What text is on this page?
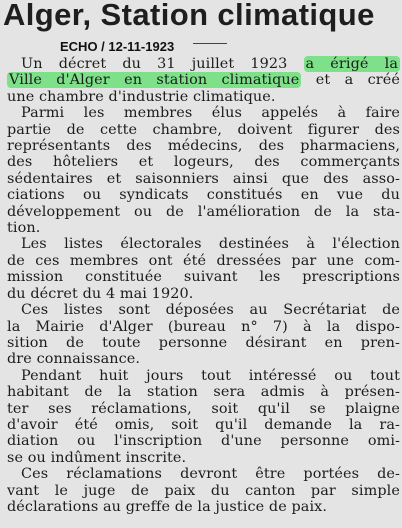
Alger, Station climatique
ECHO / 12-11-1923
Un décret du 31 juillet 1923 a érigé la
Ville d'Alger en station climatique et a créé
une chambre d'industrie climatique.
Parmi les membres élus appelés à faire
partie de cette chambre, doivent figurer des
représentants des médecins, des pharmaciens,
des hôteliers et logeurs, des commerçants
sédentaires et saisonniers ainsi que des asso-
ciations ou syndicats constitués en vue du
développement ou de l'amélioration de la sta-
tion.
Les listes électorales destinées à l'élection
de ces membres ont été dressées par une com-
mission constituée suivant les prescriptions
du décret du 4 mai 1920.
Ces listes sont déposées au Secrétariat de
la Mairie d'Alger (bureau n° 7) à la dispo-
sition de toute personne désirant en pren-
dre connaissance.
Pendant huit jours tout intéressé ou tout
habitant de la station sera admis à présen-
ter ses réclamations, soit qu'il se plaigne
d'avoir été omis, soit qu'il demande la ra-
diation ou l'inscription d'une personne omi-
se ou indûment inscrite.
Ces réclamations devront être portées de-
vant le juge de paix du canton par simple
déclarations au greffe de la justice de paix.
